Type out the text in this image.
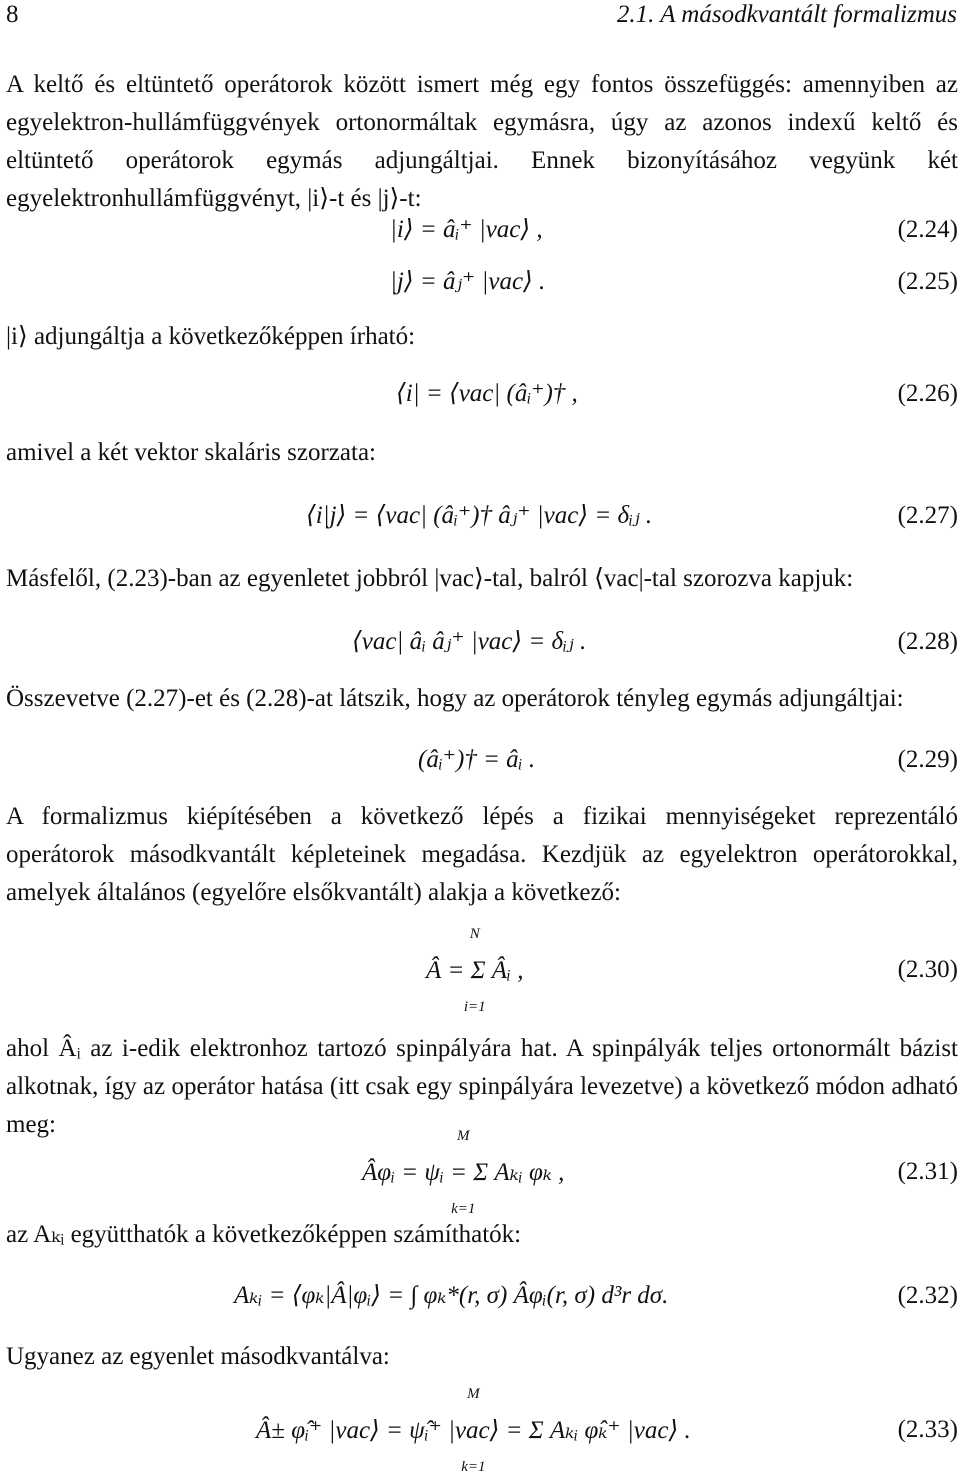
8	2.1. A másodkvantált formalizmus

A keltő és eltüntető operátorok között ismert még egy fontos összefüggés: amennyiben az egyelektron-hullámfüggvények ortonormáltak egymásra, úgy az azonos indexű keltő és eltüntető operátorok egymás adjungáltjai. Ennek bizonyításához vegyünk két egyelektronhullámfüggvényt, |i⟩-t és |j⟩-t:

|i⟩ = âᵢ⁺ |vac⟩ ,	(2.24)
|j⟩ = âⱼ⁺ |vac⟩ .	(2.25)

|i⟩ adjungáltja a következőképpen írható:

⟨i| = ⟨vac| (âᵢ⁺)† ,	(2.26)

amivel a két vektor skaláris szorzata:

⟨i|j⟩ = ⟨vac| (âᵢ⁺)† âⱼ⁺ |vac⟩ = δᵢⱼ .	(2.27)

Másfelől, (2.23)-ban az egyenletet jobbról |vac⟩-tal, balról ⟨vac|-tal szorozva kapjuk:

⟨vac| âᵢ âⱼ⁺ |vac⟩ = δᵢⱼ .	(2.28)

Összevetve (2.27)-et és (2.28)-at látszik, hogy az operátorok tényleg egymás adjungáltjai:

(âᵢ⁺)† = âᵢ .	(2.29)

A formalizmus kiépítésében a következő lépés a fizikai mennyiségeket reprezentáló operátorok másodkvantált képleteinek megadása. Kezdjük az egyelektron operátorokkal, amelyek általános (egyelőre elsőkvantált) alakja a következő:

N
Â = Σ Âᵢ ,
i=1
(2.30)

ahol Âᵢ az i-edik elektronhoz tartozó spinpályára hat. A spinpályák teljes ortonormált bázist alkotnak, így az operátor hatása (itt csak egy spinpályára levezetve) a következő módon adható meg:	M
Âφᵢ = ψᵢ = Σ Aₖᵢ φₖ ,
k=1
(2.31)

az Aₖᵢ együtthatók a következőképpen számíthatók:

Aₖᵢ = ⟨φₖ|Â|φᵢ⟩ = ∫ φₖ*(r, σ) Âφᵢ(r, σ) d³r dσ.	(2.32)

Ugyanez az egyenlet másodkvantálva:

M
Â± φ̂ᵢ⁺ |vac⟩ = ψ̂ᵢ⁺ |vac⟩ = Σ Aₖᵢ φ̂ₖ⁺ |vac⟩ .
k=1
(2.33)
